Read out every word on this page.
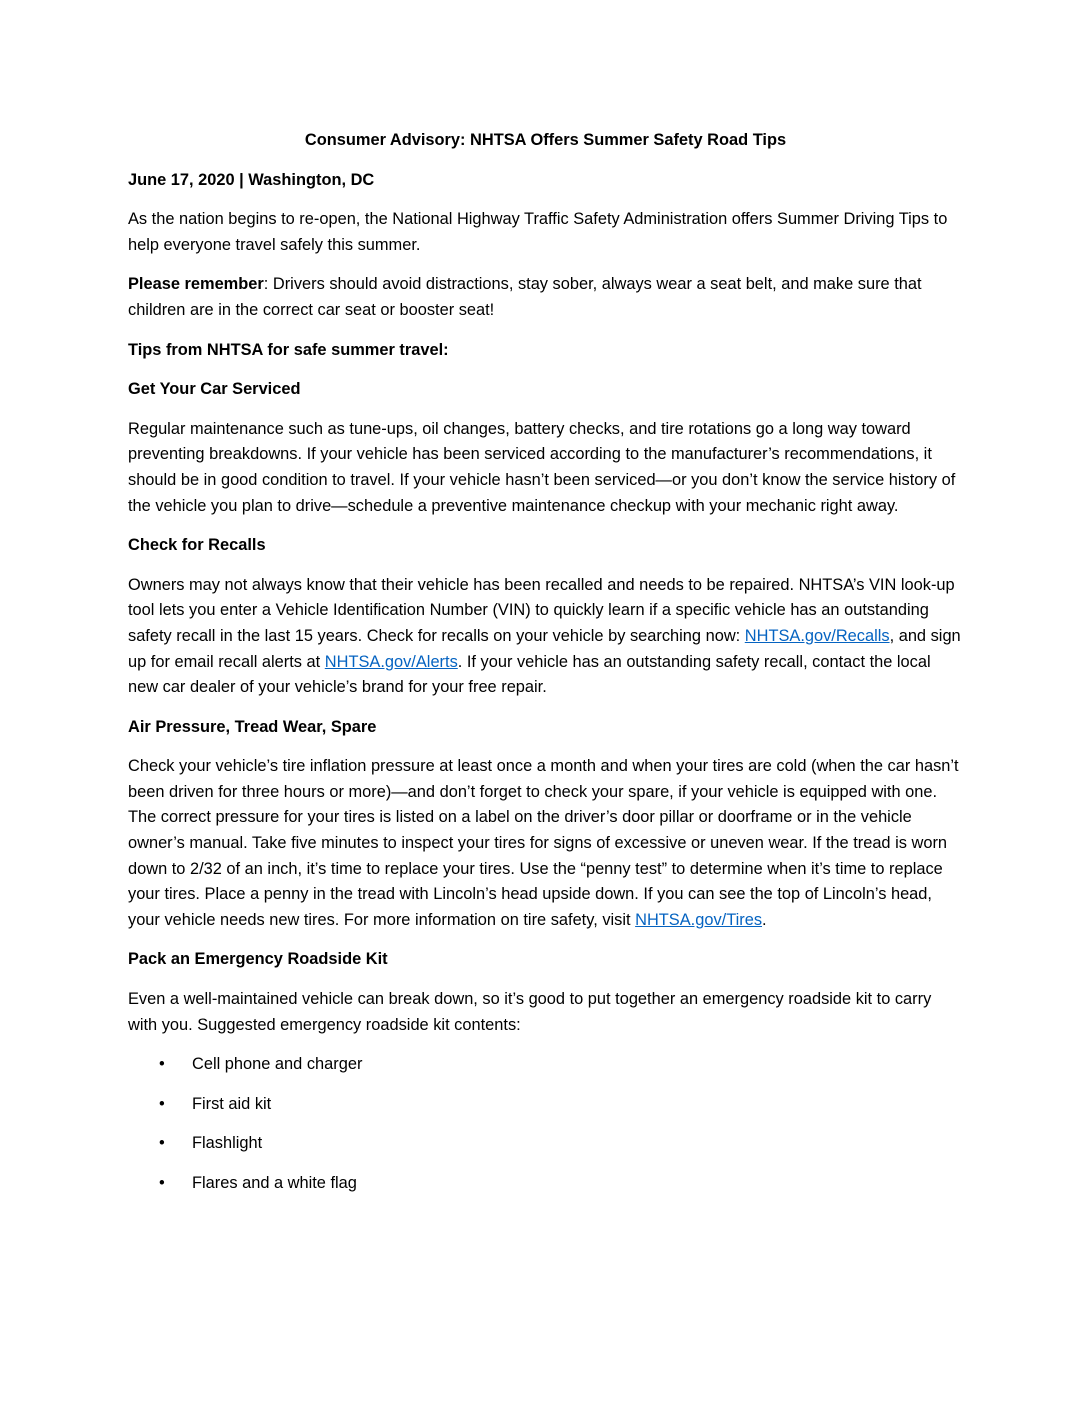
Consumer Advisory: NHTSA Offers Summer Safety Road Tips
June 17, 2020 | Washington, DC

As the nation begins to re-open, the National Highway Traffic Safety Administration offers Summer Driving Tips to help everyone travel safely this summer.

Please remember: Drivers should avoid distractions, stay sober, always wear a seat belt, and make sure that children are in the correct car seat or booster seat!

Tips from NHTSA for safe summer travel:
Get Your Car Serviced

Regular maintenance such as tune-ups, oil changes, battery checks, and tire rotations go a long way toward preventing breakdowns. If your vehicle has been serviced according to the manufacturer’s recommendations, it should be in good condition to travel. If your vehicle hasn’t been serviced—or you don’t know the service history of the vehicle you plan to drive—schedule a preventive maintenance checkup with your mechanic right away.

Check for Recalls

Owners may not always know that their vehicle has been recalled and needs to be repaired. NHTSA’s VIN look-up tool lets you enter a Vehicle Identification Number (VIN) to quickly learn if a specific vehicle has an outstanding safety recall in the last 15 years. Check for recalls on your vehicle by searching now: NHTSA.gov/Recalls, and sign up for email recall alerts at NHTSA.gov/Alerts. If your vehicle has an outstanding safety recall, contact the local new car dealer of your vehicle’s brand for your free repair.

Air Pressure, Tread Wear, Spare

Check your vehicle’s tire inflation pressure at least once a month and when your tires are cold (when the car hasn’t been driven for three hours or more)—and don’t forget to check your spare, if your vehicle is equipped with one. The correct pressure for your tires is listed on a label on the driver’s door pillar or doorframe or in the vehicle owner’s manual. Take five minutes to inspect your tires for signs of excessive or uneven wear. If the tread is worn down to 2/32 of an inch, it’s time to replace your tires. Use the “penny test” to determine when it’s time to replace your tires. Place a penny in the tread with Lincoln’s head upside down. If you can see the top of Lincoln’s head, your vehicle needs new tires. For more information on tire safety, visit NHTSA.gov/Tires.

Pack an Emergency Roadside Kit

Even a well-maintained vehicle can break down, so it’s good to put together an emergency roadside kit to carry with you. Suggested emergency roadside kit contents:

• Cell phone and charger
• First aid kit
• Flashlight
• Flares and a white flag
